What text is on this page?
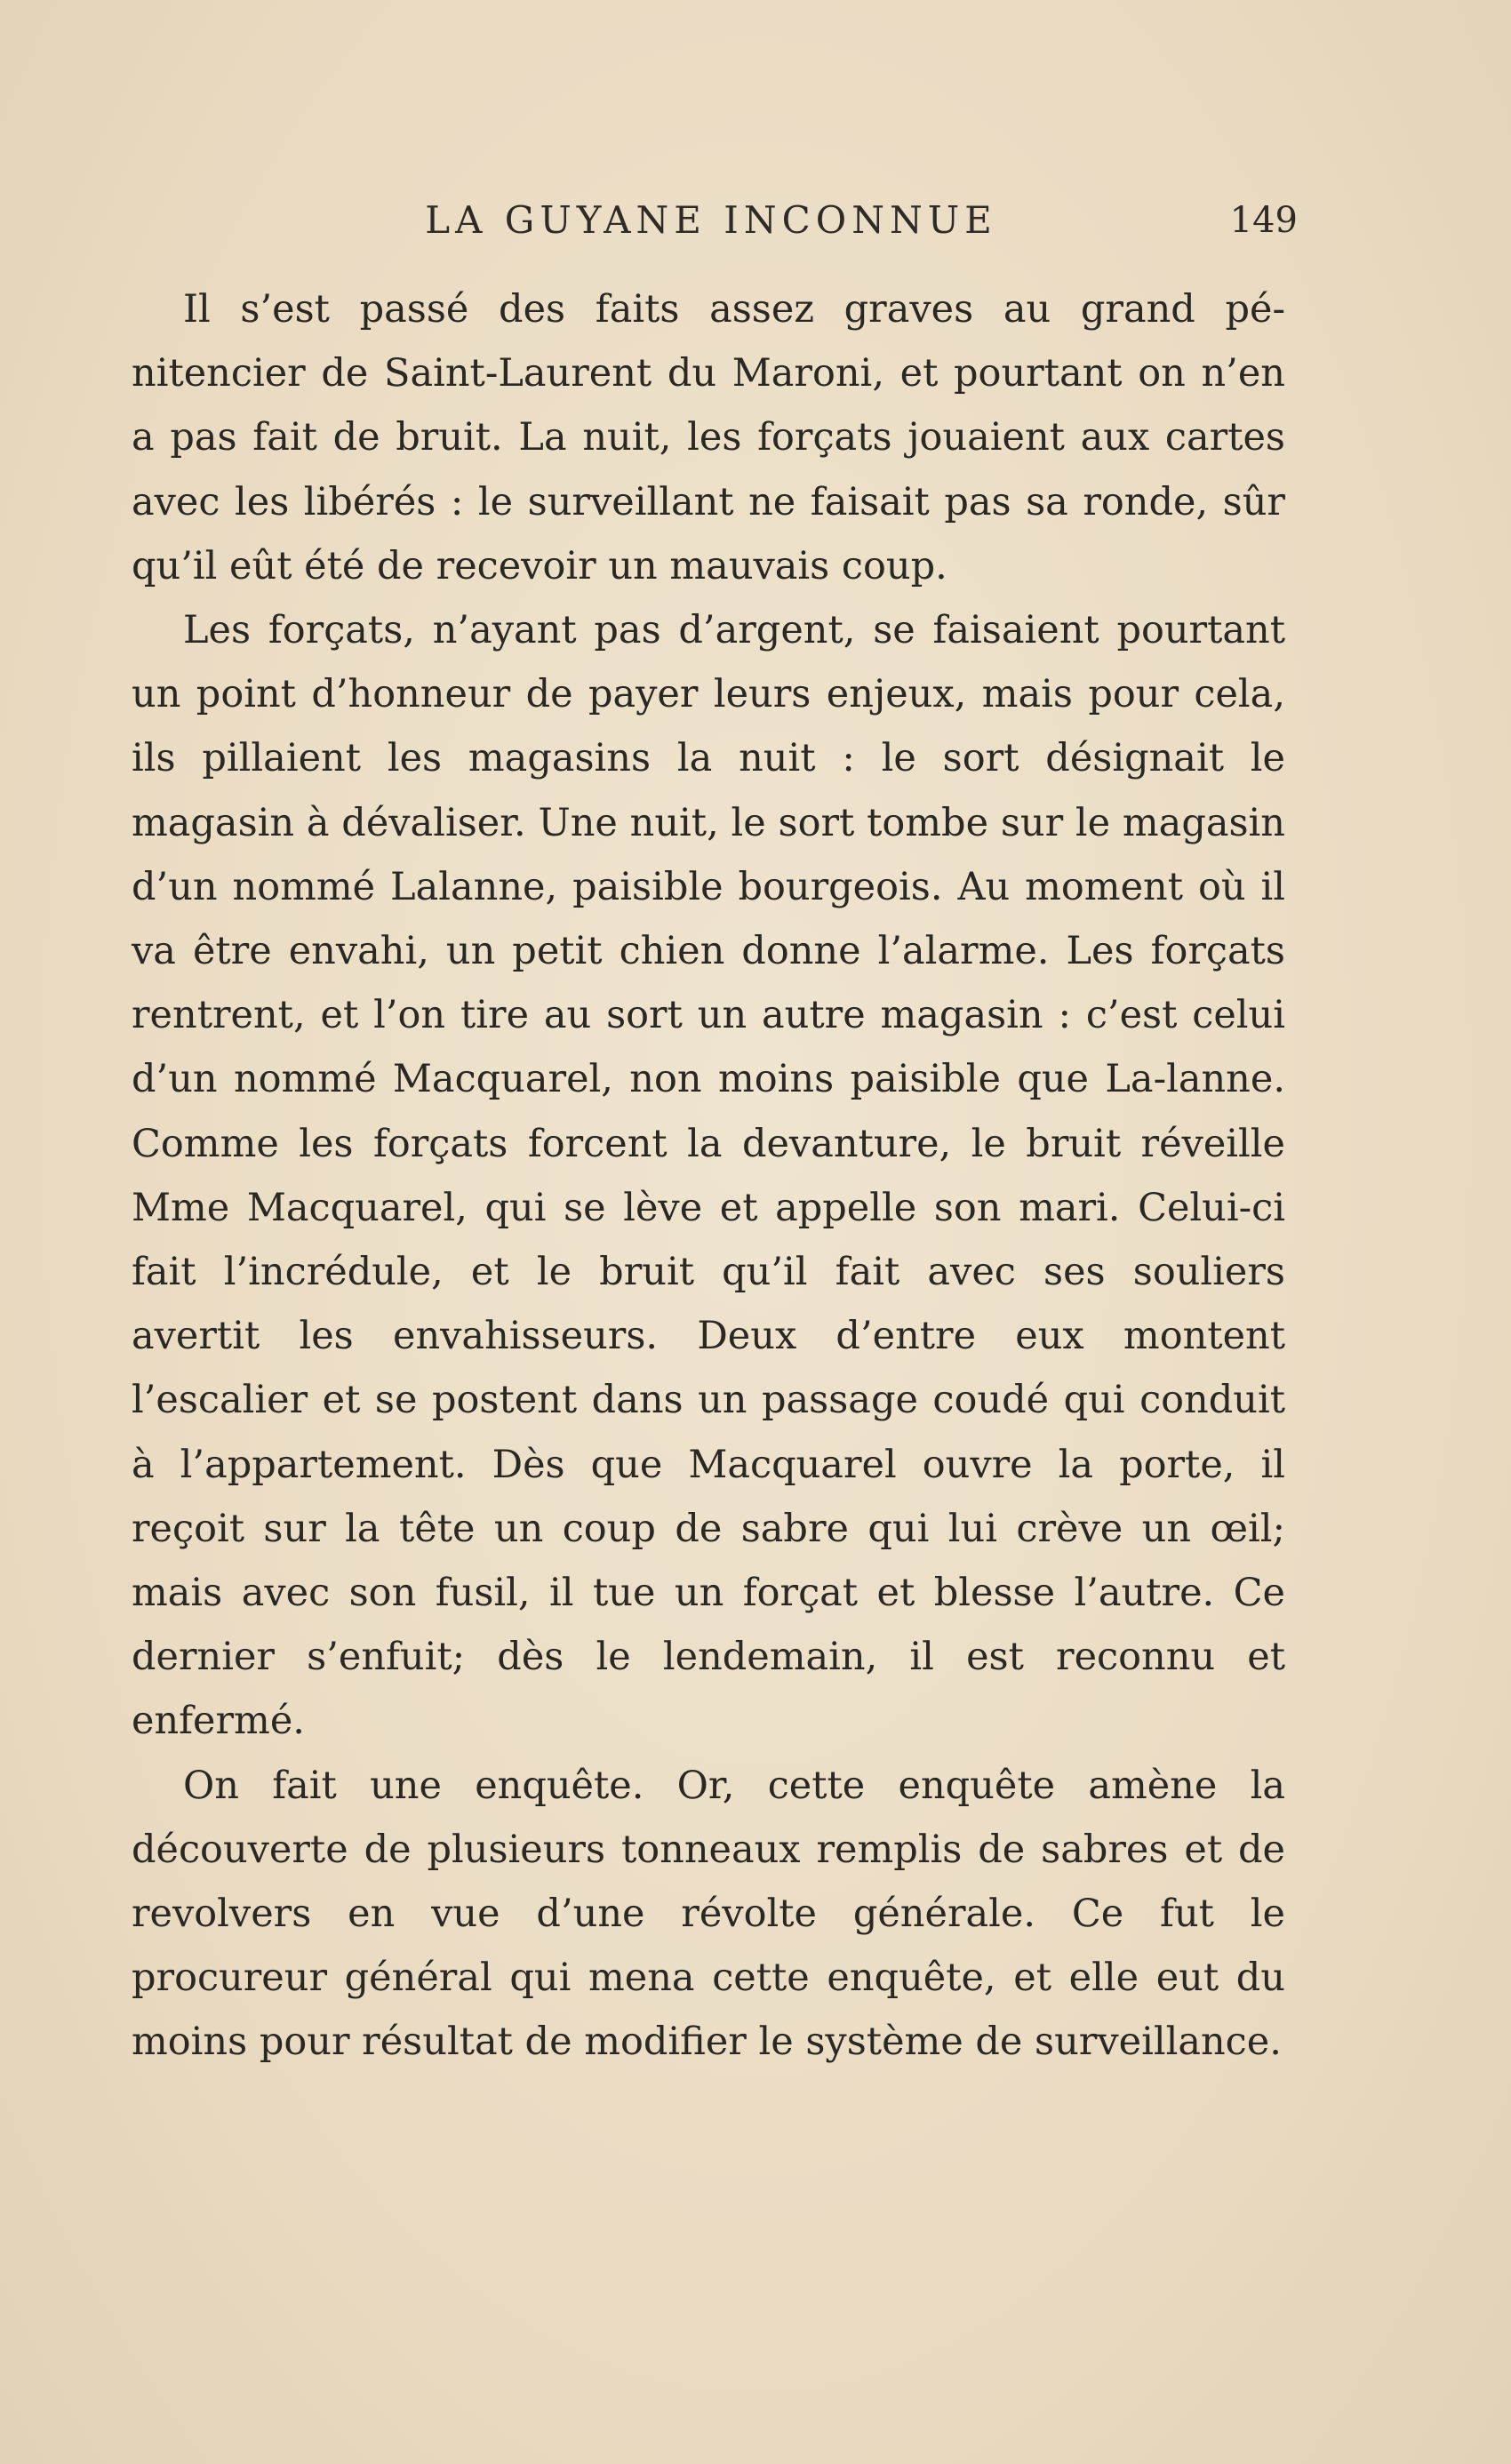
LA GUYANE INCONNUE	149

Il s’est passé des faits assez graves au grand pé-nitencier de Saint-Laurent du Maroni, et pourtant on n’en a pas fait de bruit. La nuit, les forçats jouaient aux cartes avec les libérés : le surveillant ne faisait pas sa ronde, sûr qu’il eût été de recevoir un mauvais coup.

Les forçats, n’ayant pas d’argent, se faisaient pourtant un point d’honneur de payer leurs enjeux, mais pour cela, ils pillaient les magasins la nuit : le sort désignait le magasin à dévaliser. Une nuit, le sort tombe sur le magasin d’un nommé Lalanne, paisible bourgeois. Au moment où il va être envahi, un petit chien donne l’alarme. Les forçats rentrent, et l’on tire au sort un autre magasin : c’est celui d’un nommé Macquarel, non moins paisible que La-lanne. Comme les forçats forcent la devanture, le bruit réveille Mme Macquarel, qui se lève et appelle son mari. Celui-ci fait l’incrédule, et le bruit qu’il fait avec ses souliers avertit les envahisseurs. Deux d’entre eux montent l’escalier et se postent dans un passage coudé qui conduit à l’appartement. Dès que Macquarel ouvre la porte, il reçoit sur la tête un coup de sabre qui lui crève un œil; mais avec son fusil, il tue un forçat et blesse l’autre. Ce dernier s’enfuit; dès le lendemain, il est reconnu et enfermé.

On fait une enquête. Or, cette enquête amène la découverte de plusieurs tonneaux remplis de sabres et de revolvers en vue d’une révolte générale. Ce fut le procureur général qui mena cette enquête, et elle eut du moins pour résultat de modifier le système de surveillance.
